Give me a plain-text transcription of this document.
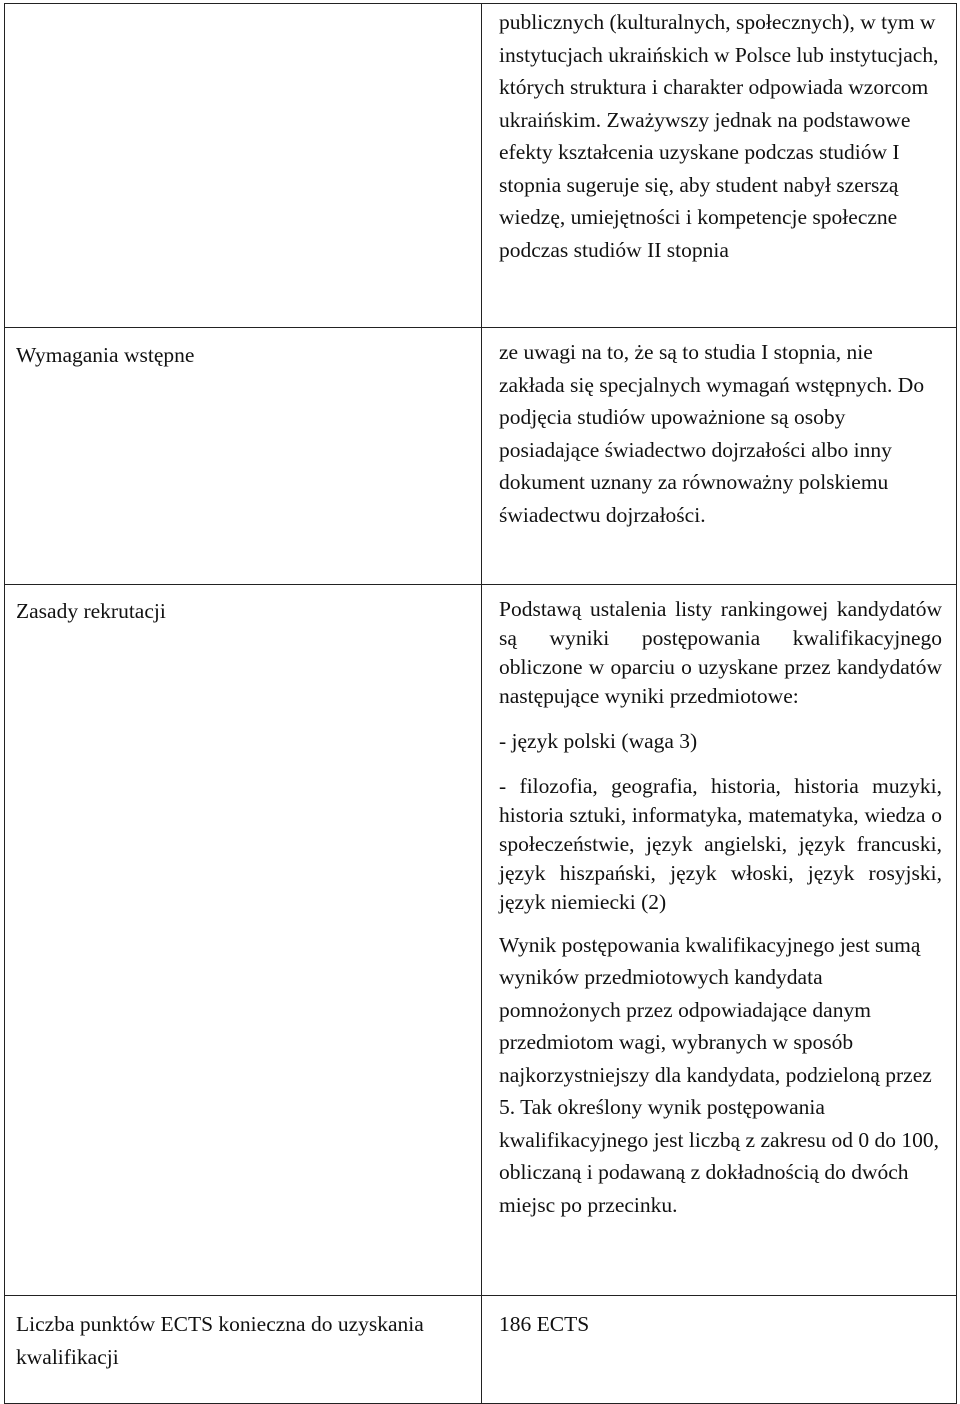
	publicznych (kulturalnych, społecznych), w tym w instytucjach ukraińskich w Polsce lub instytucjach, których struktura i charakter odpowiada wzorcom ukraińskim. Zważywszy jednak na podstawowe efekty kształcenia uzyskane podczas studiów I stopnia sugeruje się, aby student nabył szerszą wiedzę, umiejętności i kompetencje społeczne podczas studiów II stopnia

Wymagania wstępne	ze uwagi na to, że są to studia I stopnia, nie zakłada się specjalnych wymagań wstępnych. Do podjęcia studiów upoważnione są osoby posiadające świadectwo dojrzałości albo inny dokument uznany za równoważny polskiemu świadectwu dojrzałości.

Zasady rekrutacji	Podstawą ustalenia listy rankingowej kandydatów są wyniki postępowania kwalifikacyjnego obliczone w oparciu o uzyskane przez kandydatów następujące wyniki przedmiotowe:

- język polski (waga 3)

- filozofia, geografia, historia, historia muzyki, historia sztuki, informatyka, matematyka, wiedza o społeczeństwie, język angielski, język francuski, język hiszpański, język włoski, język rosyjski, język niemiecki (2)

Wynik postępowania kwalifikacyjnego jest sumą wyników przedmiotowych kandydata pomnożonych przez odpowiadające danym przedmiotom wagi, wybranych w sposób najkorzystniejszy dla kandydata, podzieloną przez 5. Tak określony wynik postępowania kwalifikacyjnego jest liczbą z zakresu od 0 do 100, obliczaną i podawaną z dokładnością do dwóch miejsc po przecinku.

Liczba punktów ECTS konieczna do uzyskania kwalifikacji	186 ECTS
